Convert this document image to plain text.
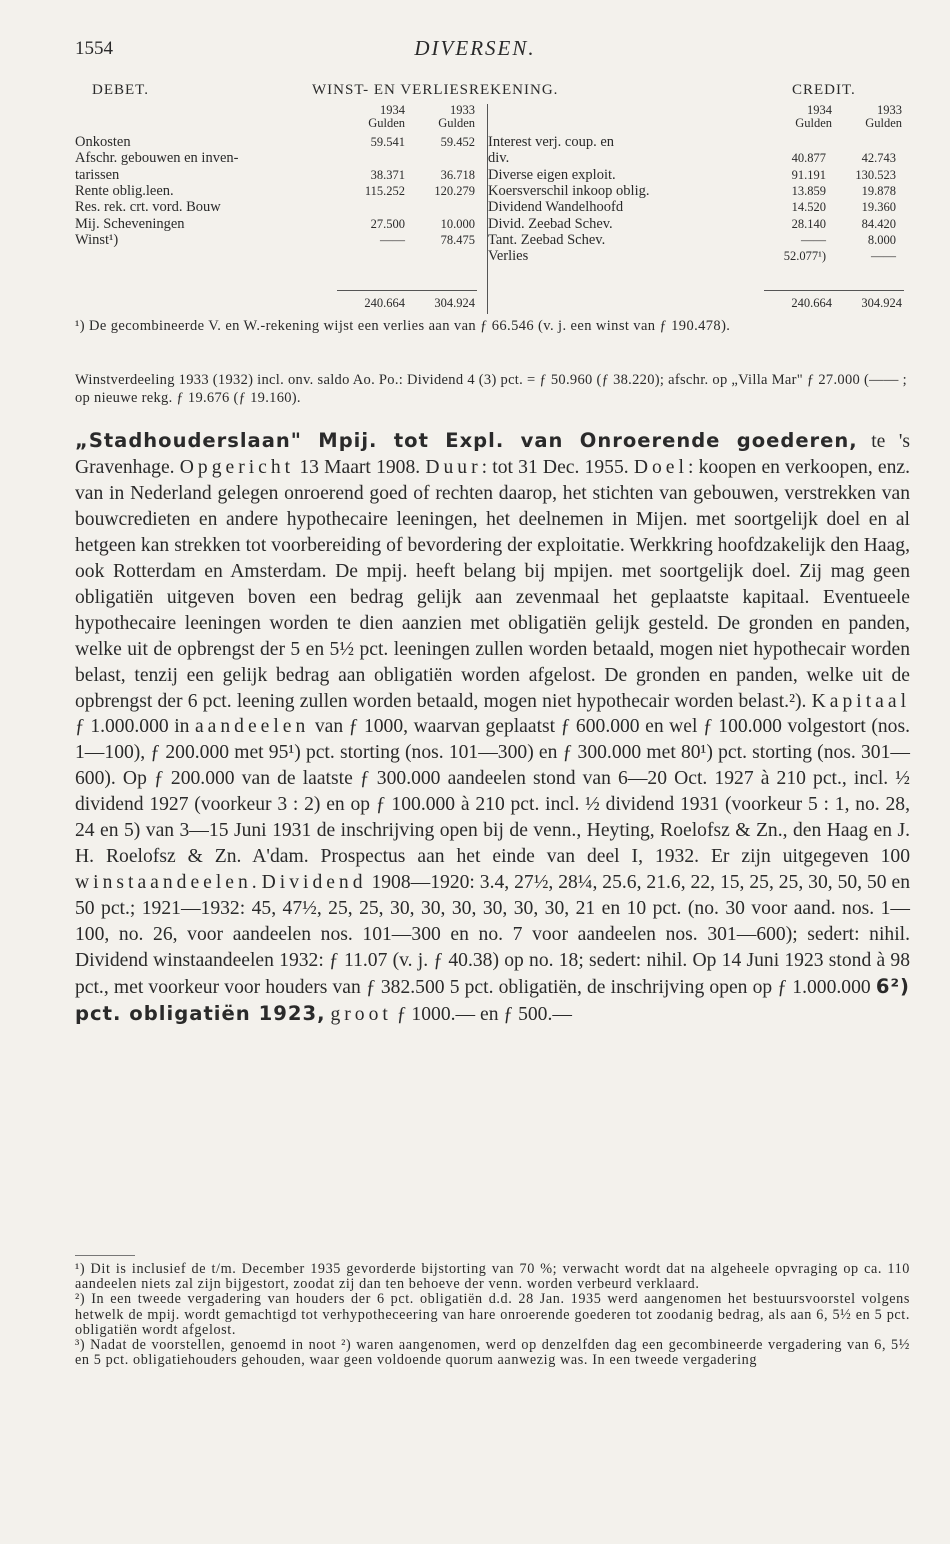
1554	DIVERSEN.
DEBET.	WINST- EN VERLIESREKENING.	CREDIT.
1934
Gulden
1933
Gulden
Onkosten	59.541	59.452
Afschr. gebouwen en inven-
tarissen	38.371	36.718
Rente oblig.leen.	115.252	120.279
Res. rek. crt. vord. Bouw
Mij. Scheveningen	27.500	10.000
Winst¹)	——	78.475
240.664	304.924
1934
Gulden
1933
Gulden
Interest verj. coup. en
div.	40.877	42.743
Diverse eigen exploit.	91.191	130.523
Koersverschil inkoop oblig.	13.859	19.878
Dividend Wandelhoofd	14.520	19.360
Divid. Zeebad Schev.	28.140	84.420
Tant. Zeebad Schev.	——	8.000
Verlies	52.077¹)	——
240.664	304.924
¹) De gecombineerde V. en W.-rekening wijst een verlies aan van ƒ 66.546 (v. j. een winst van ƒ 190.478).
Winstverdeeling 1933 (1932) incl. onv. saldo Ao. Po.: Dividend 4 (3) pct. = ƒ 50.960 (ƒ 38.220); afschr. op „Villa Mar" ƒ 27.000 (—— ; op nieuwe rekg. ƒ 19.676 (ƒ 19.160).
„Stadhouderslaan" Mpij. tot Expl. van Onroerende goederen, te 's Gravenhage. Opgericht 13 Maart 1908. Duur: tot 31 Dec. 1955. Doel: koopen en verkoopen, enz. van in Nederland gelegen onroerend goed of rechten daarop, het stichten van gebouwen, verstrekken van bouwcredieten en andere hypothecaire leeningen, het deelnemen in Mijen. met soortgelijk doel en al hetgeen kan strekken tot voorbereiding of bevordering der exploitatie. Werkkring hoofdzakelijk den Haag, ook Rotterdam en Amsterdam. De mpij. heeft belang bij mpijen. met soortgelijk doel. Zij mag geen obligatiën uitgeven boven een bedrag gelijk aan zevenmaal het geplaatste kapitaal. Eventueele hypothecaire leeningen worden te dien aanzien met obligatiën gelijk gesteld. De gronden en panden, welke uit de opbrengst der 5 en 5½ pct. leeningen zullen worden betaald, mogen niet hypothecair worden belast, tenzij een gelijk bedrag aan obligatiën worden afgelost. De gronden en panden, welke uit de opbrengst der 6 pct. leening zullen worden betaald, mogen niet hypothecair worden belast.²). Kapitaal ƒ 1.000.000 in aandeelen van ƒ 1000, waarvan geplaatst ƒ 600.000 en wel ƒ 100.000 volgestort (nos. 1—100), ƒ 200.000 met 95¹) pct. storting (nos. 101—300) en ƒ 300.000 met 80¹) pct. storting (nos. 301—600). Op ƒ 200.000 van de laatste ƒ 300.000 aandeelen stond van 6—20 Oct. 1927 à 210 pct., incl. ½ dividend 1927 (voorkeur 3 : 2) en op ƒ 100.000 à 210 pct. incl. ½ dividend 1931 (voorkeur 5 : 1, no. 28, 24 en 5) van 3—15 Juni 1931 de inschrijving open bij de venn., Heyting, Roelofsz & Zn., den Haag en J. H. Roelofsz & Zn. A'dam. Prospectus aan het einde van deel I, 1932. Er zijn uitgegeven 100 winstaandeelen. Dividend 1908—1920: 3.4, 27½, 28¼, 25.6, 21.6, 22, 15, 25, 25, 30, 50, 50 en 50 pct.; 1921—1932: 45, 47½, 25, 25, 30, 30, 30, 30, 30, 30, 21 en 10 pct. (no. 30 voor aand. nos. 1—100, no. 26, voor aandeelen nos. 101—300 en no. 7 voor aandeelen nos. 301—600); sedert: nihil. Dividend winstaandeelen 1932: ƒ 11.07 (v. j. ƒ 40.38) op no. 18; sedert: nihil. Op 14 Juni 1923 stond à 98 pct., met voorkeur voor houders van ƒ 382.500 5 pct. obligatiën, de inschrijving open op ƒ 1.000.000 6²) pct. obligatiën 1923, groot ƒ 1000.— en ƒ 500.—

¹) Dit is inclusief de t/m. December 1935 gevorderde bijstorting van 70 %; verwacht wordt dat na algeheele opvraging op ca. 110 aandeelen niets zal zijn bijgestort, zoodat zij dan ten behoeve der venn. worden verbeurd verklaard.

²) In een tweede vergadering van houders der 6 pct. obligatiën d.d. 28 Jan. 1935 werd aangenomen het bestuursvoorstel volgens hetwelk de mpij. wordt gemachtigd tot verhypotheceering van hare onroerende goederen tot zoodanig bedrag, als aan 6, 5½ en 5 pct. obligatiën wordt afgelost.

³) Nadat de voorstellen, genoemd in noot ²) waren aangenomen, werd op denzelfden dag een gecombineerde vergadering van 6, 5½ en 5 pct. obligatiehouders gehouden, waar geen voldoende quorum aanwezig was. In een tweede vergadering
